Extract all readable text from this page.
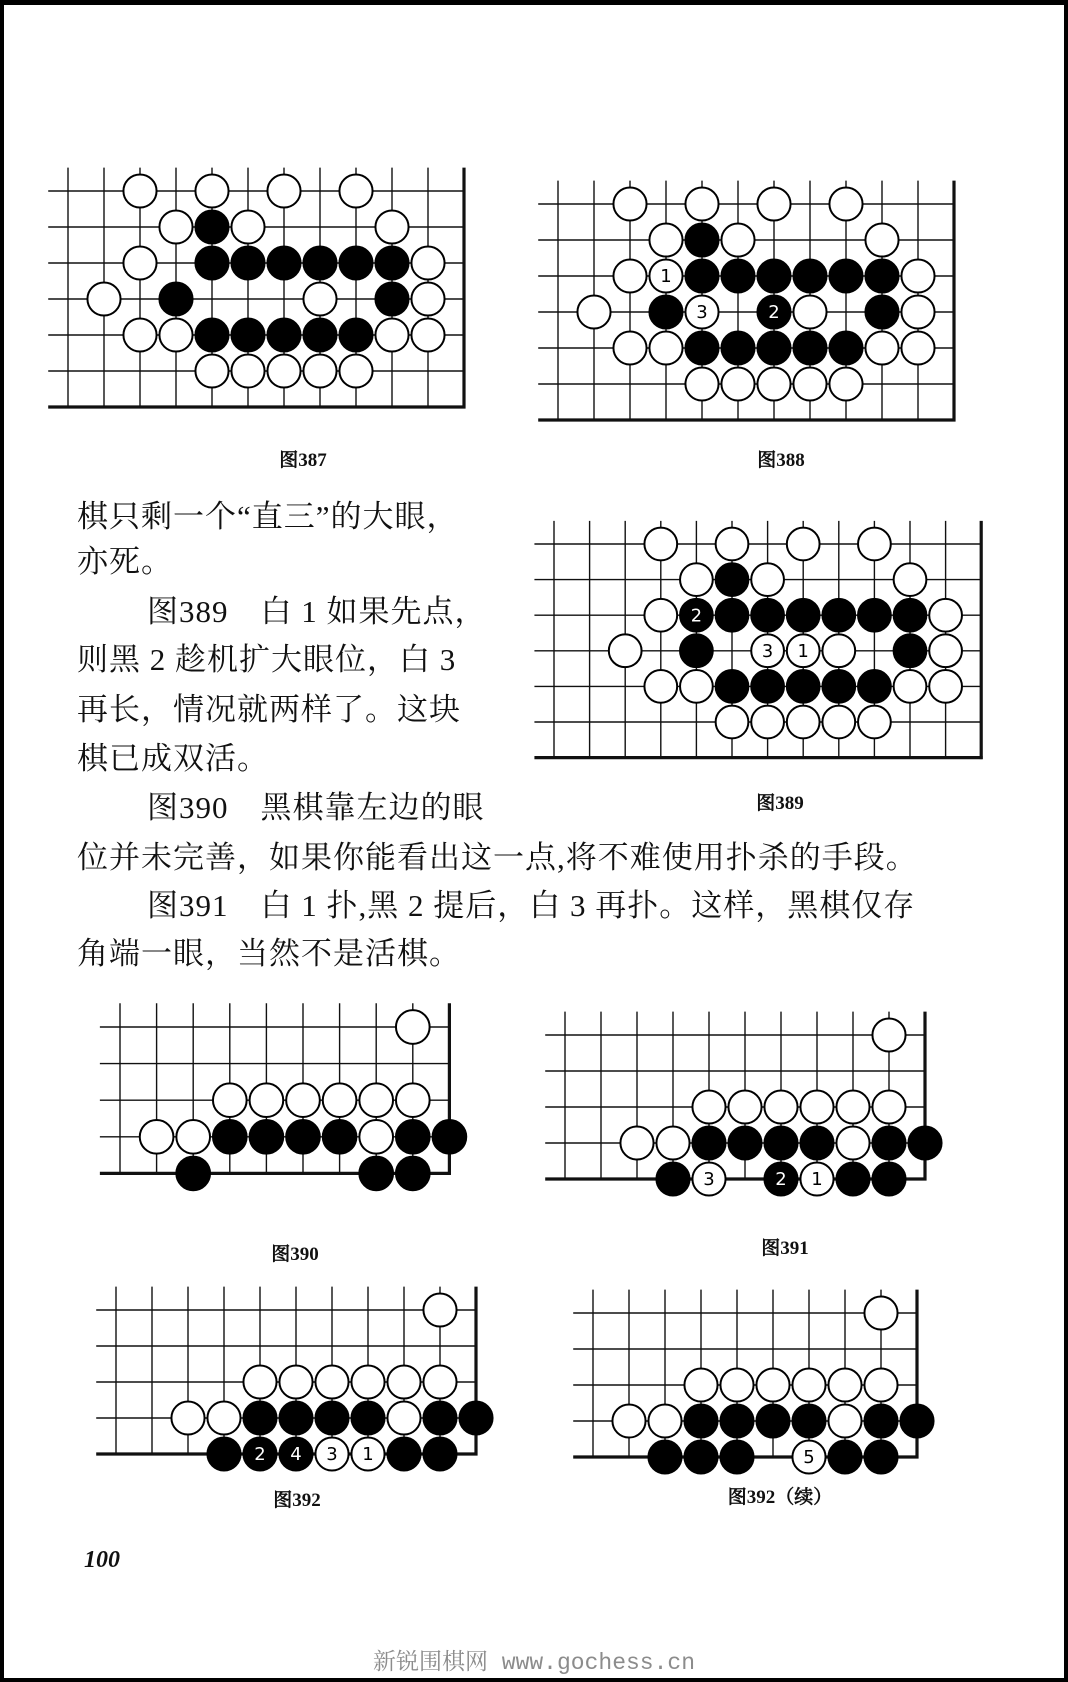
图387
1
3	2
图388
棋只剩一个“直三”的大眼，
亦死。
图389　白 1 如果先点，
则黑 2 趁机扩大眼位，白 3
再长，情况就两样了。这块
棋已成双活。
图390　黑棋靠左边的眼
位并未完善，如果你能看出这一点,将不难使用扑杀的手段。
图391　白 1 扑,黑 2 提后，白 3 再扑。这样，黑棋仅存
角端一眼，当然不是活棋。
2
3 1
图389
图390
3	2 1
图391
2 4 3 1
图392
5
图392（续）
100
新锐围棋网 www.gochess.cn
